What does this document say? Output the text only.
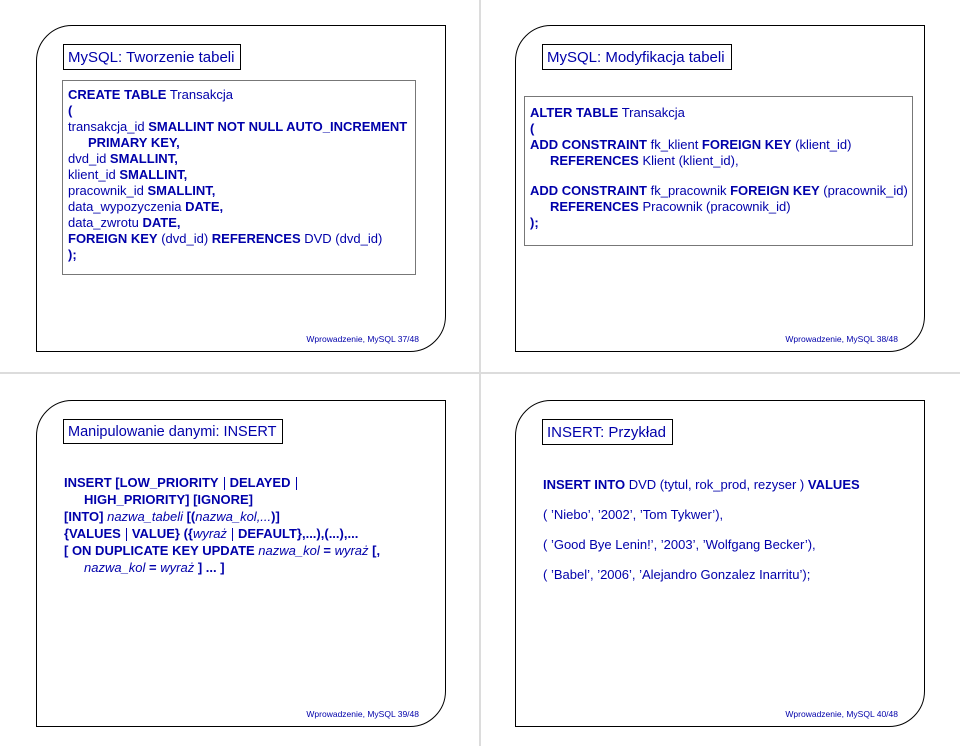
MySQL: Tworzenie tabeli
CREATE TABLE Transakcja
(
transakcja_id SMALLINT NOT NULL AUTO_INCREMENT
PRIMARY KEY,
dvd_id SMALLINT,
klient_id SMALLINT,
pracownik_id SMALLINT,
data_wypozyczenia DATE,
data_zwrotu DATE,
FOREIGN KEY (dvd_id) REFERENCES DVD (dvd_id)
);
Wprowadzenie, MySQL 37/48
MySQL: Modyfikacja tabeli
ALTER TABLE Transakcja
(
ADD CONSTRAINT fk_klient FOREIGN KEY (klient_id)
REFERENCES Klient (klient_id),
ADD CONSTRAINT fk_pracownik FOREIGN KEY (pracownik_id)
REFERENCES Pracownik (pracownik_id)
);
Wprowadzenie, MySQL 38/48
Manipulowanie danymi: INSERT
INSERT [LOW_PRIORITY DELAYED
HIGH_PRIORITY] [IGNORE]
[INTO] nazwa_tabeli [(nazwa_kol,...)]
{VALUES VALUE} ({wyraż DEFAULT},...),(...),...
[ ON DUPLICATE KEY UPDATE nazwa_kol = wyraż [,
nazwa_kol = wyraż ] ... ]
Wprowadzenie, MySQL 39/48
INSERT: Przykład
INSERT INTO DVD (tytul, rok_prod, rezyser ) VALUES
( ’Niebo’, ’2002’, ’Tom Tykwer’),
( ’Good Bye Lenin!’, ’2003’, ’Wolfgang Becker’),
( ’Babel’, ’2006’, ’Alejandro Gonzalez Inarritu’);
Wprowadzenie, MySQL 40/48
